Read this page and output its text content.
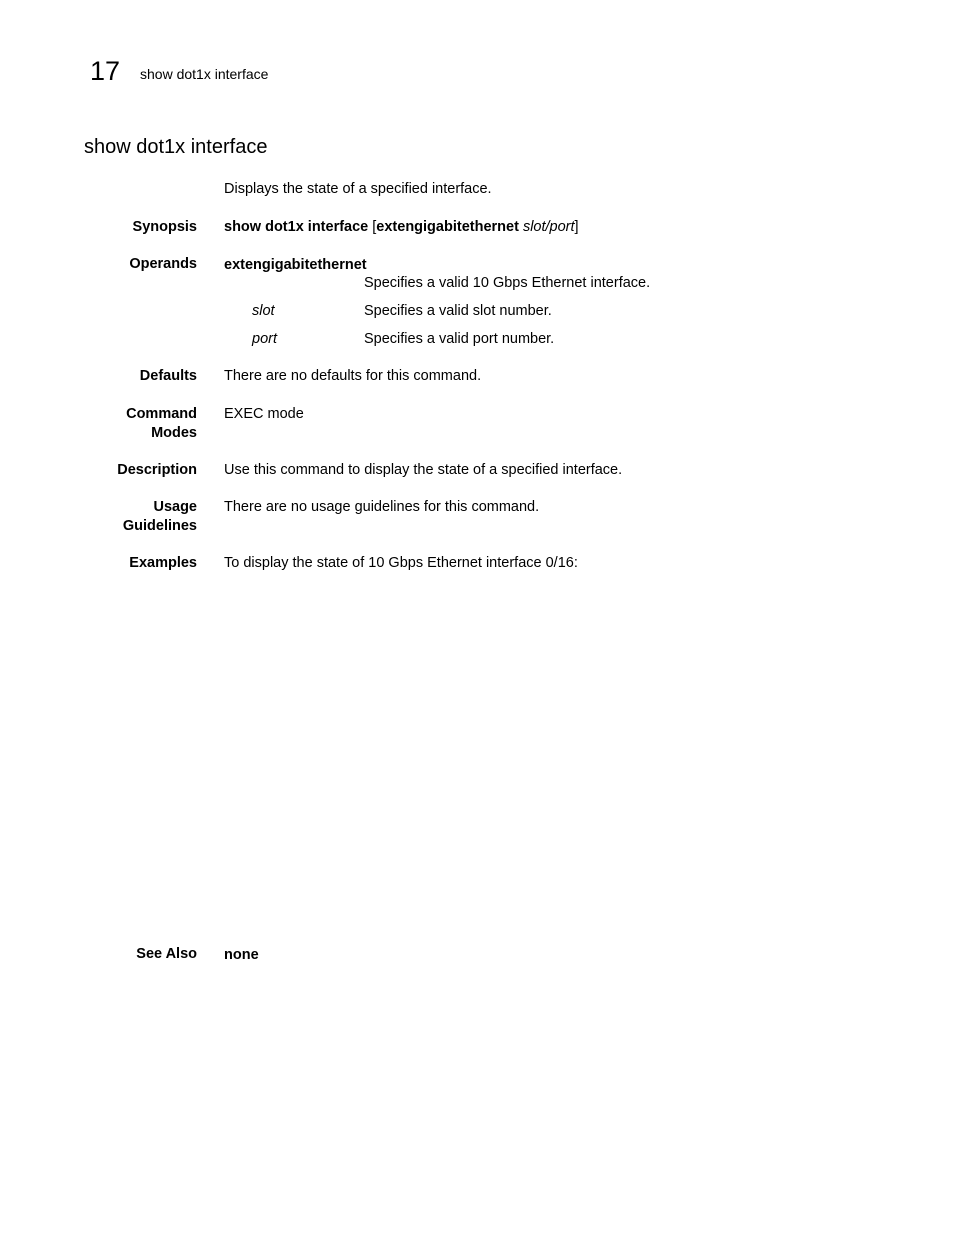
17 show dot1x interface
show dot1x interface
Displays the state of a specified interface.
Synopsis show dot1x interface [extengigabitethernet slot/port]
Operands extengigabitethernet
Specifies a valid 10 Gbps Ethernet interface.
slot	Specifies a valid slot number.
port	Specifies a valid port number.
Defaults There are no defaults for this command.
Command
Modes
EXEC mode
Description Use this command to display the state of a specified interface.
Usage
Guidelines
There are no usage guidelines for this command.
Examples To display the state of 10 Gbps Ethernet interface 0/16:
See Also none
